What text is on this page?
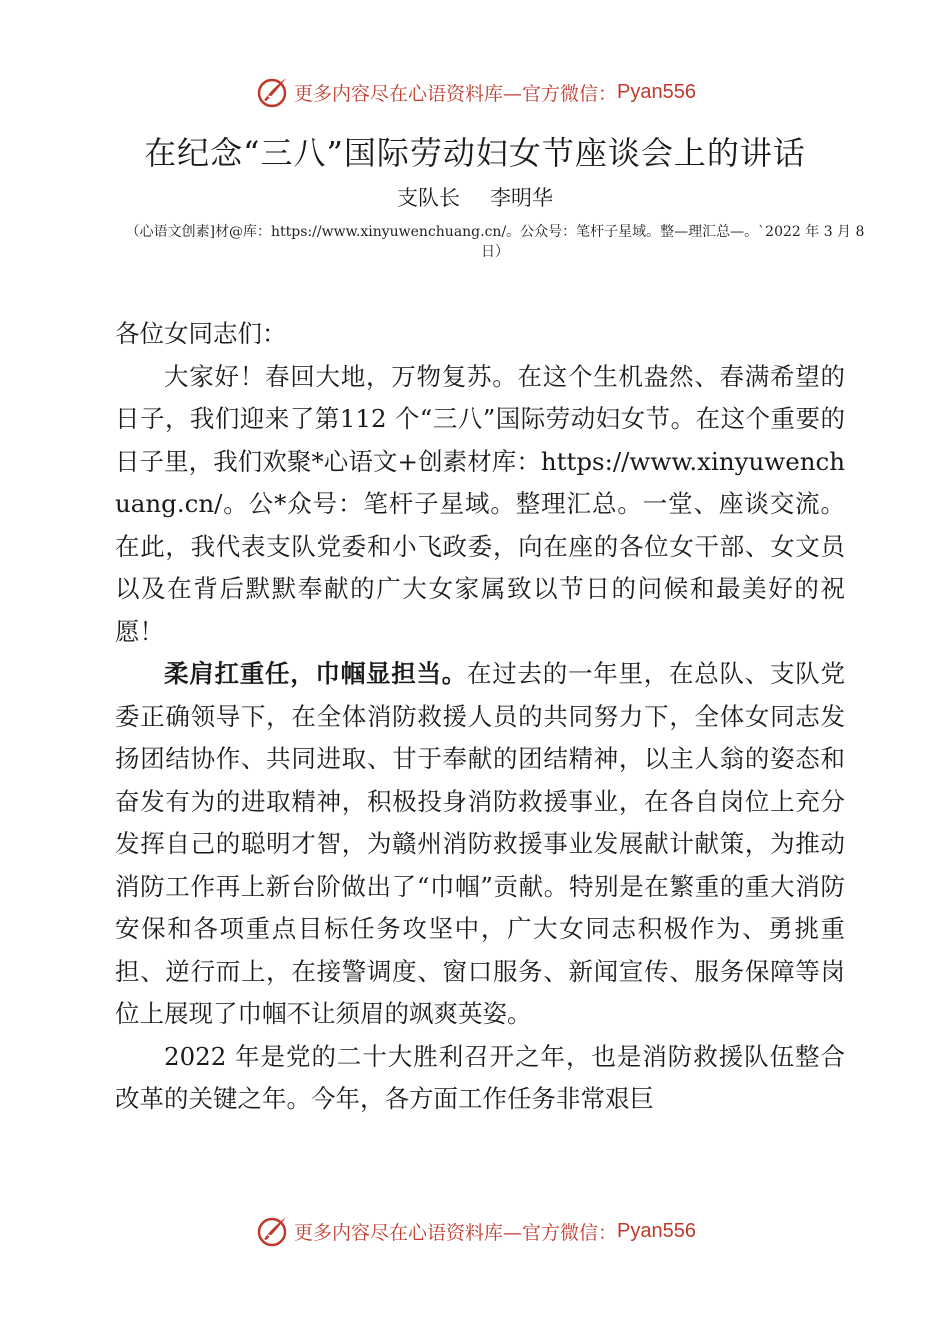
更多内容尽在心语资料库—官方微信： Pyan556
在纪念“三八”国际劳动妇女节座谈会上的讲话
支队长 李明华
（心语文创素]材@库：https://www.xinyuwenchuang.cn/。公众号：笔杆子星域。整—理汇总—。`2022 年 3 月 8 日）

各位女同志们：

大家好！春回大地，万物复苏。在这个生机盎然、春满希望的日子，我们迎来了第112 个“三八”国际劳动妇女节。在这个重要的日子里，我们欢聚*心语文+创素材库：https://www.xinyuwenchuang.cn/。公*众号：笔杆子星域。整理汇总。一堂、座谈交流。在此，我代表支队党委和小飞政委，向在座的各位女干部、女文员以及在背后默默奉献的广大女家属致以节日的问候和最美好的祝愿！

柔肩扛重任，巾帼显担当。在过去的一年里，在总队、支队党委正确领导下，在全体消防救援人员的共同努力下，全体女同志发扬团结协作、共同进取、甘于奉献的团结精神，以主人翁的姿态和奋发有为的进取精神，积极投身消防救援事业，在各自岗位上充分发挥自己的聪明才智，为赣州消防救援事业发展献计献策，为推动消防工作再上新台阶做出了“巾帼”贡献。特别是在繁重的重大消防安保和各项重点目标任务攻坚中，广大女同志积极作为、勇挑重担、逆行而上，在接警调度、窗口服务、新闻宣传、服务保障等岗位上展现了巾帼不让须眉的飒爽英姿。

2022 年是党的二十大胜利召开之年，也是消防救援队伍整合改革的关键之年。今年，各方面工作任务非常艰巨

更多内容尽在心语资料库—官方微信： Pyan556
